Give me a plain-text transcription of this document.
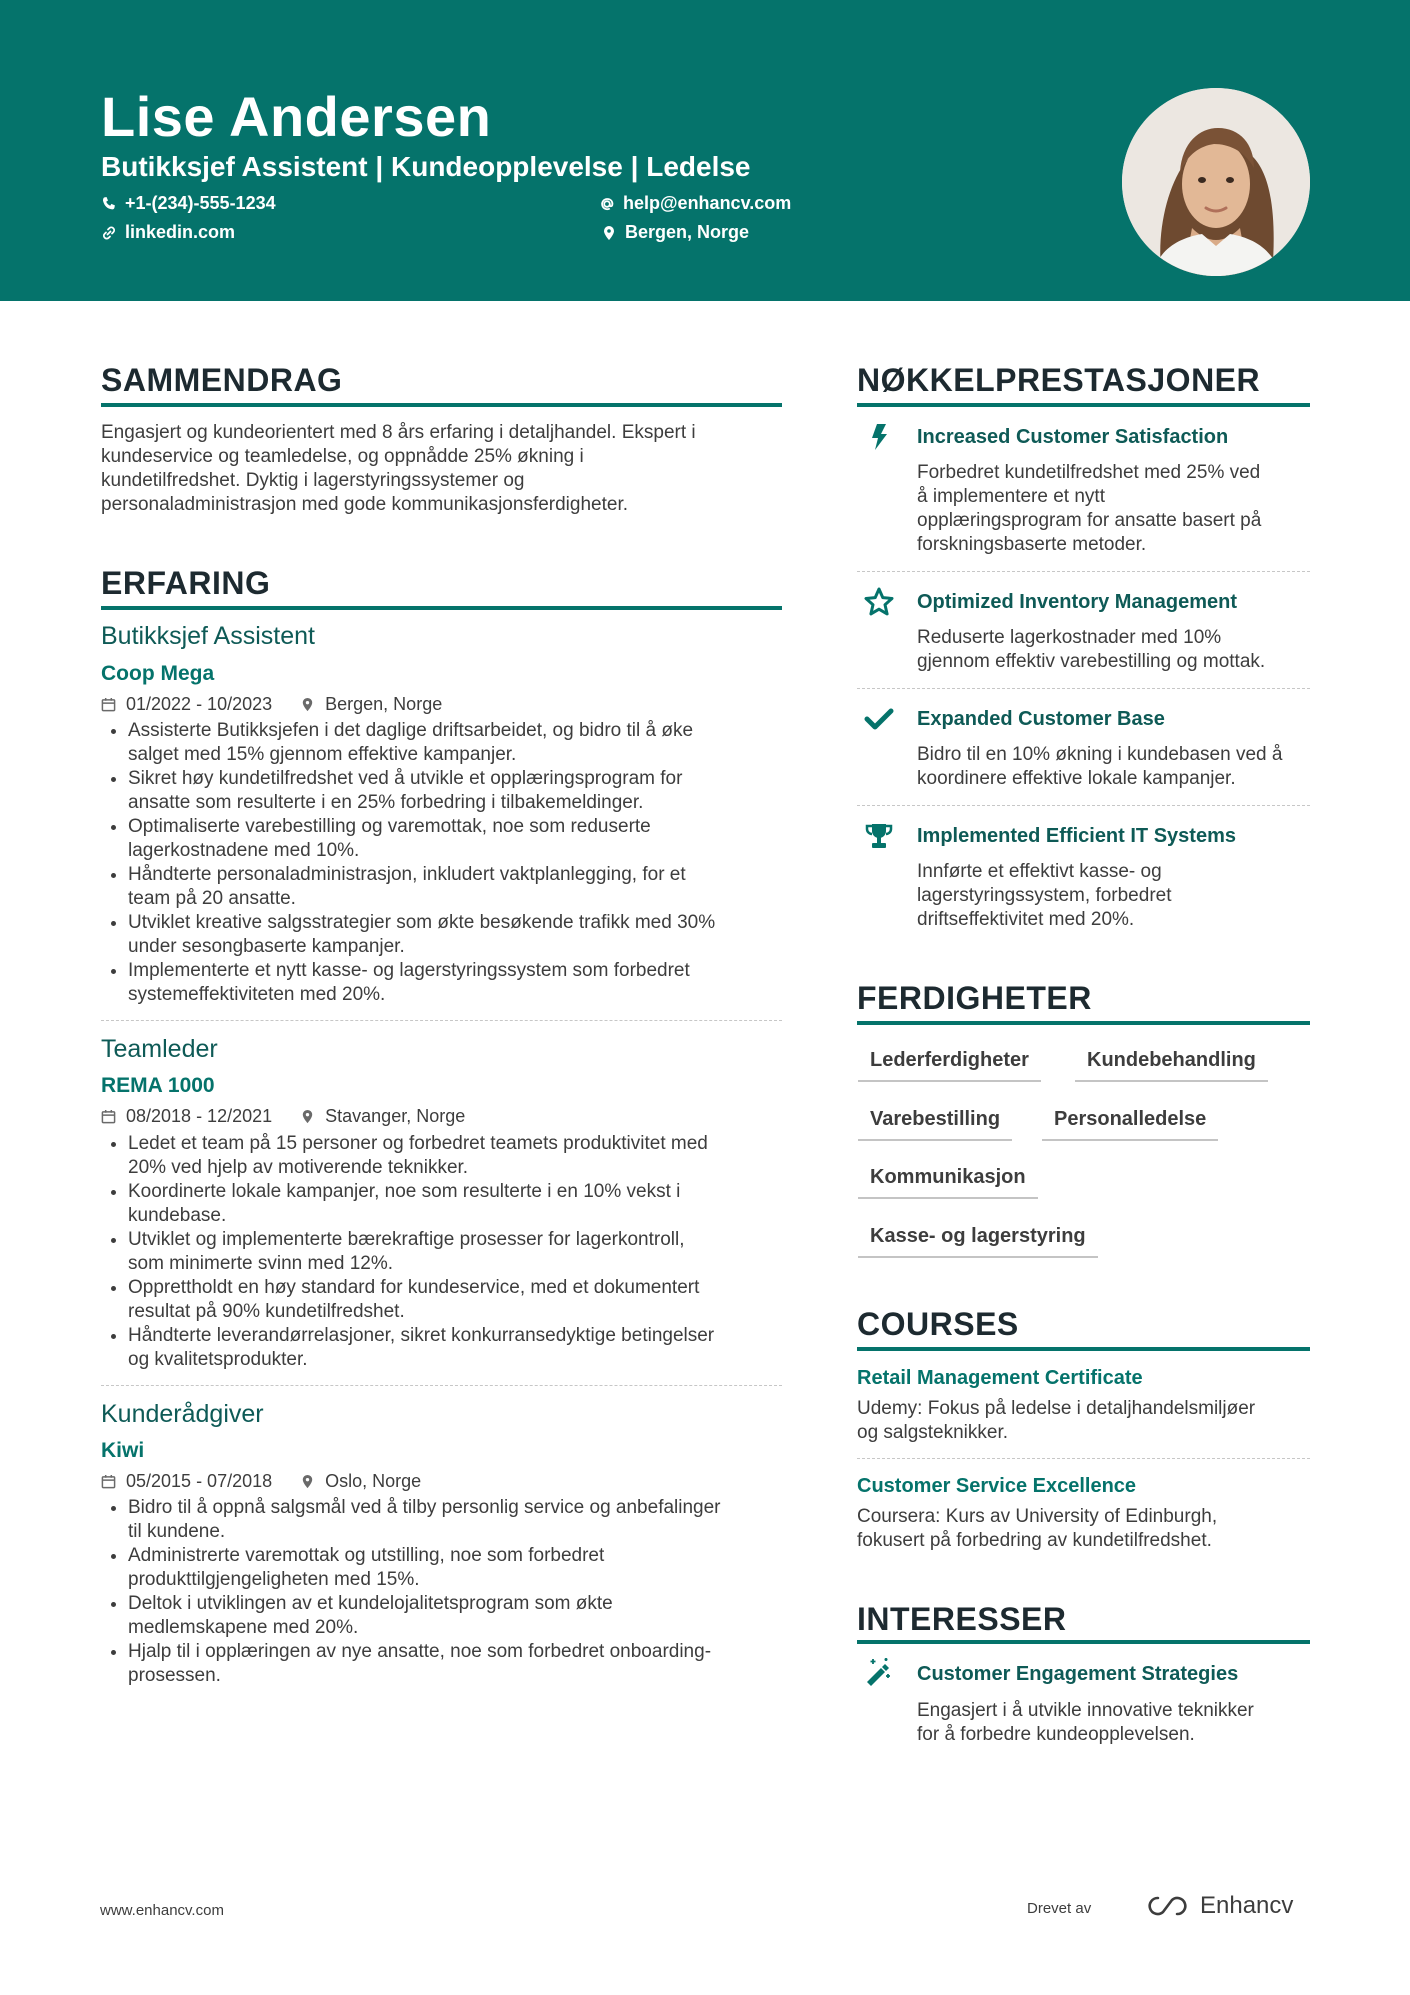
Lise Andersen
Butikksjef Assistent | Kundeopplevelse | Ledelse
+1-(234)-555-1234	help@enhancv.com
linkedin.com	Bergen, Norge
SAMMENDRAG
Engasjert og kundeorientert med 8 års erfaring i detaljhandel. Ekspert i
kundeservice og teamledelse, og oppnådde 25% økning i
kundetilfredshet. Dyktig i lagerstyringssystemer og
personaladministrasjon med gode kommunikasjonsferdigheter.
ERFARING
Butikksjef Assistent
Coop Mega
01/2022 - 10/2023	Bergen, Norge
• Assisterte Butikksjefen i det daglige driftsarbeidet, og bidro til å øke
salget med 15% gjennom effektive kampanjer.
• Sikret høy kundetilfredshet ved å utvikle et opplæringsprogram for
ansatte som resulterte i en 25% forbedring i tilbakemeldinger.
• Optimaliserte varebestilling og varemottak, noe som reduserte
lagerkostnadene med 10%.
• Håndterte personaladministrasjon, inkludert vaktplanlegging, for et
team på 20 ansatte.
• Utviklet kreative salgsstrategier som økte besøkende trafikk med 30%
under sesongbaserte kampanjer.
• Implementerte et nytt kasse- og lagerstyringssystem som forbedret
systemeffektiviteten med 20%.
Teamleder
REMA 1000
08/2018 - 12/2021	Stavanger, Norge
• Ledet et team på 15 personer og forbedret teamets produktivitet med
20% ved hjelp av motiverende teknikker.
• Koordinerte lokale kampanjer, noe som resulterte i en 10% vekst i
kundebase.
• Utviklet og implementerte bærekraftige prosesser for lagerkontroll,
som minimerte svinn med 12%.
• Opprettholdt en høy standard for kundeservice, med et dokumentert
resultat på 90% kundetilfredshet.
• Håndterte leverandørrelasjoner, sikret konkurransedyktige betingelser
og kvalitetsprodukter.
Kunderådgiver
Kiwi
05/2015 - 07/2018	Oslo, Norge
• Bidro til å oppnå salgsmål ved å tilby personlig service og anbefalinger
til kundene.
• Administrerte varemottak og utstilling, noe som forbedret
produkttilgjengeligheten med 15%.
• Deltok i utviklingen av et kundelojalitetsprogram som økte
medlemskapene med 20%.
• Hjalp til i opplæringen av nye ansatte, noe som forbedret onboarding-
prosessen.
NØKKELPRESTASJONER
Increased Customer Satisfaction
Forbedret kundetilfredshet med 25% ved
å implementere et nytt
opplæringsprogram for ansatte basert på
forskningsbaserte metoder.
Optimized Inventory Management
Reduserte lagerkostnader med 10%
gjennom effektiv varebestilling og mottak.
Expanded Customer Base
Bidro til en 10% økning i kundebasen ved å
koordinere effektive lokale kampanjer.
Implemented Efficient IT Systems
Innførte et effektivt kasse- og
lagerstyringssystem, forbedret
driftseffektivitet med 20%.
FERDIGHETER
Lederferdigheter	Kundebehandling
Varebestilling	Personalledelse
Kommunikasjon
Kasse- og lagerstyring
COURSES
Retail Management Certificate
Udemy: Fokus på ledelse i detaljhandelsmiljøer
og salgsteknikker.
Customer Service Excellence
Coursera: Kurs av University of Edinburgh,
fokusert på forbedring av kundetilfredshet.
INTERESSER
Customer Engagement Strategies
Engasjert i å utvikle innovative teknikker
for å forbedre kundeopplevelsen.
www.enhancv.com	Drevet av	Enhancv
